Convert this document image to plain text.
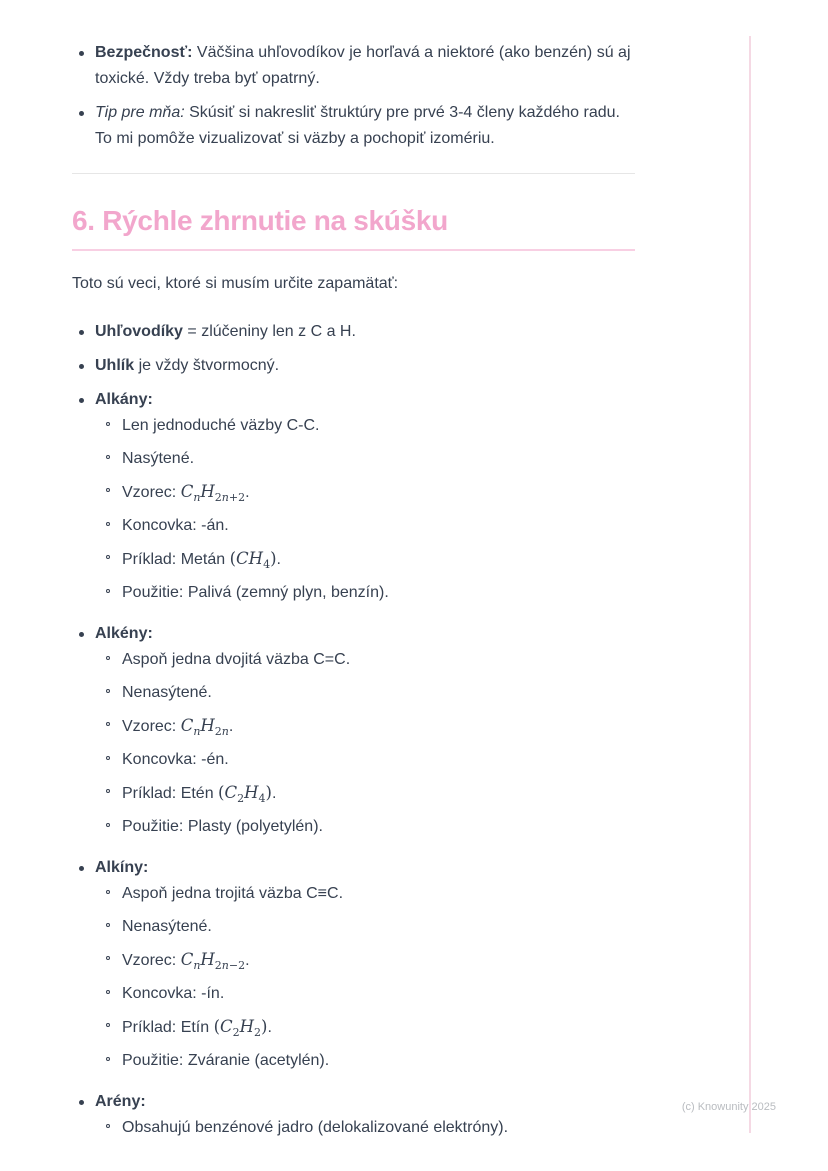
Bezpečnosť: Väčšina uhľovodíkov je horľavá a niektoré (ako benzén) sú aj toxické. Vždy treba byť opatrný.
Tip pre mňa: Skúsiť si nakresliť štruktúry pre prvé 3-4 členy každého radu. To mi pomôže vizualizovať si väzby a pochopiť izomériu.
6. Rýchle zhrnutie na skúšku

Toto sú veci, ktoré si musím určite zapamätať:

Uhľovodíky = zlúčeniny len z C a H.
Uhlík je vždy štvormocný.
Alkány:
Len jednoduché väzby C-C.
Nasýtené.
Vzorec: $C_nH_{2n+2}$.
Koncovka: -án.
Príklad: Metán $(CH_4)$.
Použitie: Palivá (zemný plyn, benzín).
Alkény:
Aspoň jedna dvojitá väzba C=C.
Nenasýtené.
Vzorec: $C_nH_{2n}$.
Koncovka: -én.
Príklad: Etén $(C_2H_4)$.
Použitie: Plasty (polyetylén).
Alkíny:
Aspoň jedna trojitá väzba C≡C.
Nenasýtené.
Vzorec: $C_nH_{2n-2}$.
Koncovka: -ín.
Príklad: Etín $(C_2H_2)$.
Použitie: Zváranie (acetylén).
Arény:
Obsahujú benzénové jadro (delokalizované elektróny).
(c) Knowunity 2025
